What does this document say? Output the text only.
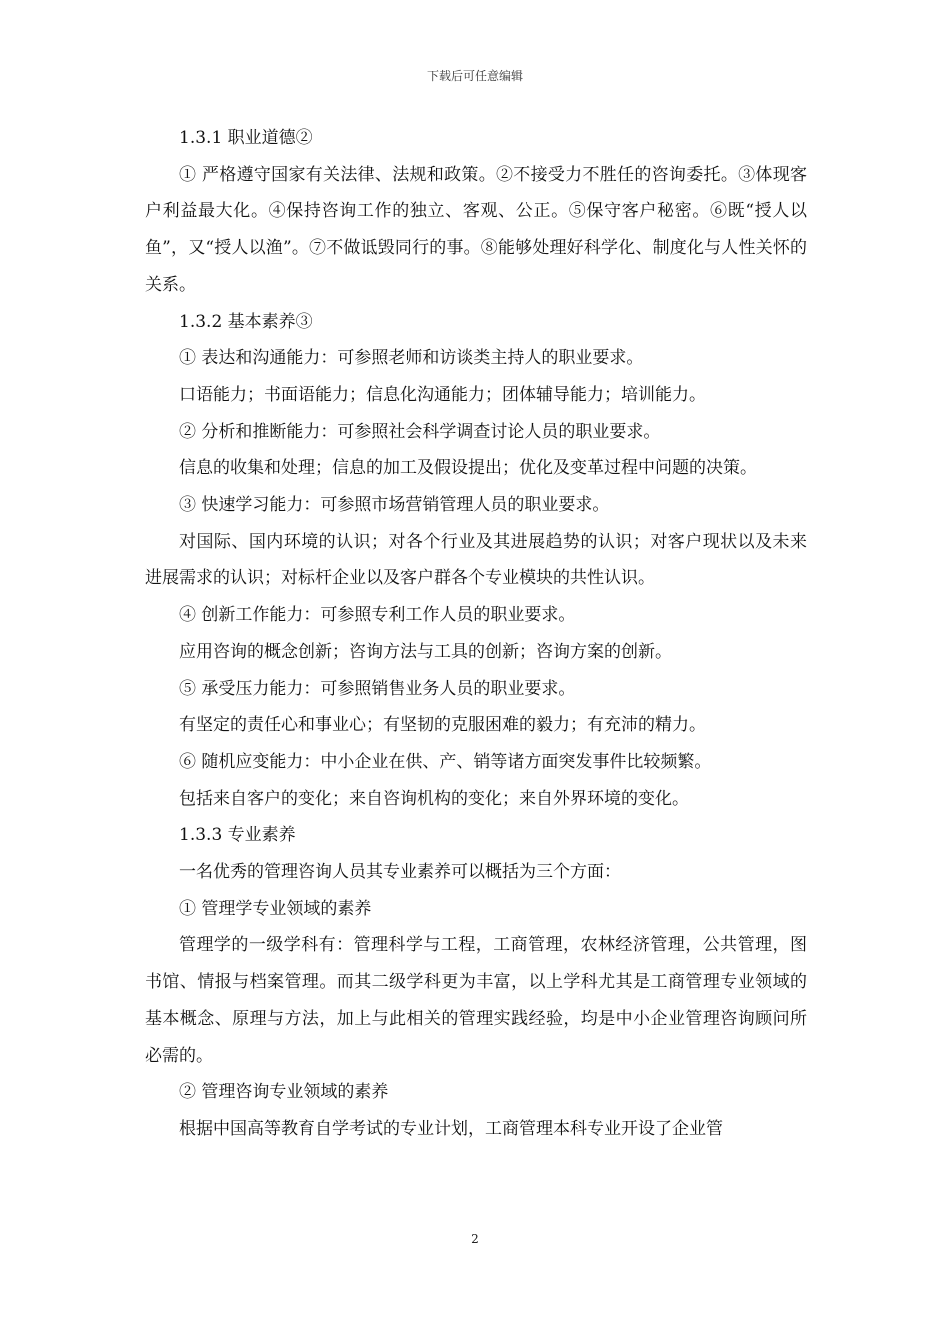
下载后可任意编辑

1.3.1 职业道德②

① 严格遵守国家有关法律、法规和政策。②不接受力不胜任的咨询委托。③体现客户利益最大化。④保持咨询工作的独立、客观、公正。⑤保守客户秘密。⑥既“授人以鱼”，又“授人以渔”。⑦不做诋毁同行的事。⑧能够处理好科学化、制度化与人性关怀的关系。

1.3.2 基本素养③

① 表达和沟通能力：可参照老师和访谈类主持人的职业要求。

口语能力；书面语能力；信息化沟通能力；团体辅导能力；培训能力。

② 分析和推断能力：可参照社会科学调查讨论人员的职业要求。

信息的收集和处理；信息的加工及假设提出；优化及变革过程中问题的决策。

③ 快速学习能力：可参照市场营销管理人员的职业要求。

对国际、国内环境的认识；对各个行业及其进展趋势的认识；对客户现状以及未来进展需求的认识；对标杆企业以及客户群各个专业模块的共性认识。

④ 创新工作能力：可参照专利工作人员的职业要求。

应用咨询的概念创新；咨询方法与工具的创新；咨询方案的创新。

⑤ 承受压力能力：可参照销售业务人员的职业要求。

有坚定的责任心和事业心；有坚韧的克服困难的毅力；有充沛的精力。

⑥ 随机应变能力：中小企业在供、产、销等诸方面突发事件比较频繁。

包括来自客户的变化；来自咨询机构的变化；来自外界环境的变化。

1.3.3 专业素养

一名优秀的管理咨询人员其专业素养可以概括为三个方面：

① 管理学专业领域的素养

管理学的一级学科有：管理科学与工程，工商管理，农林经济管理，公共管理，图书馆、情报与档案管理。而其二级学科更为丰富，以上学科尤其是工商管理专业领域的基本概念、原理与方法，加上与此相关的管理实践经验，均是中小企业管理咨询顾问所必需的。

② 管理咨询专业领域的素养

根据中国高等教育自学考试的专业计划，工商管理本科专业开设了企业管

2
